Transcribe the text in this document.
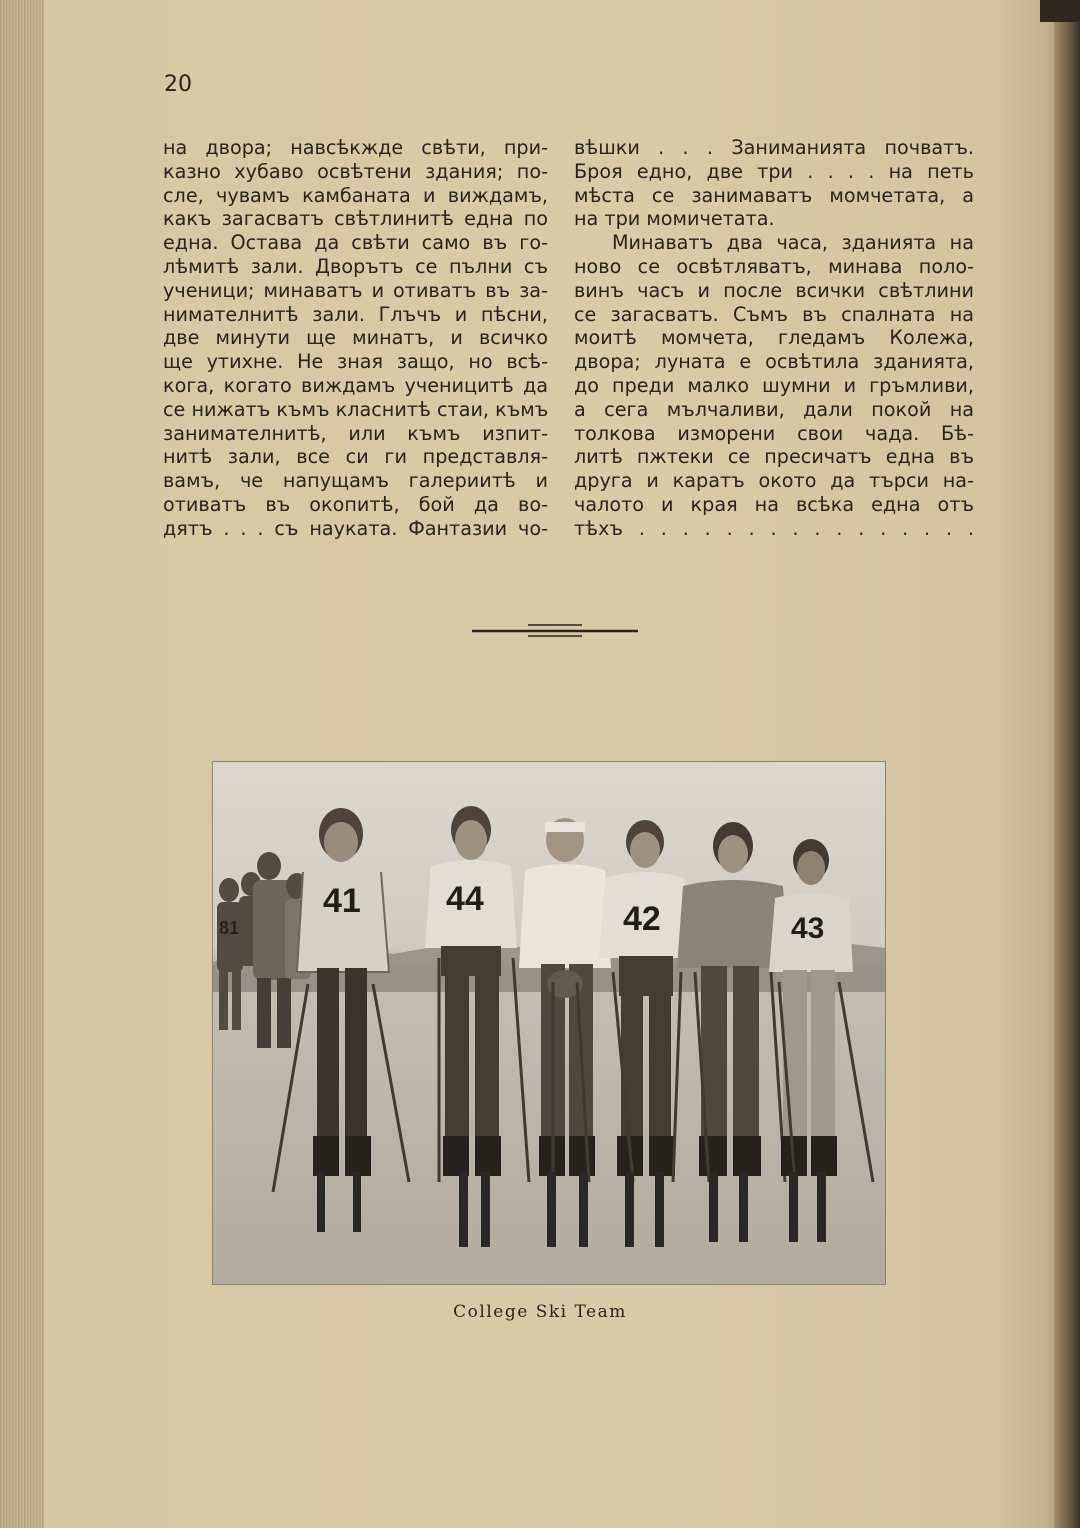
20
на двора; навсѣкжде свѣти, при-
казно хубаво освѣтени здания; по-
сле, чувамъ камбаната и виждамъ,
какъ загасватъ свѣтлинитѣ една по
една. Остава да свѣти само въ го-
лѣмитѣ зали. Дворътъ се пълни съ
ученици; минаватъ и отиватъ въ за-
нимателнитѣ зали. Глъчъ и пѣсни,
две минути ще минатъ, и всичко
ще утихне. Не зная защо, но всѣ-
кога, когато виждамъ ученицитѣ да
се нижатъ къмъ класнитѣ стаи, къмъ
занимателнитѣ, или къмъ изпит-
нитѣ зали, все си ги представля-
вамъ, че напущамъ галериитѣ и
отиватъ въ окопитѣ, бой да во-
дятъ . . . съ науката. Фантазии чо-
вѣшки . . . Заниманията почватъ.
Броя едно, две три . . . . на петь
мѣста се занимаватъ момчетата, а
на три момичетата.
Минаватъ два часа, зданията на
ново се освѣтляватъ, минава поло-
винъ часъ и после всички свѣтлини
се загасватъ. Съмъ въ спалната на
моитѣ момчета, гледамъ Колежа,
двора; луната е освѣтила зданията,
до преди малко шумни и гръмливи,
а сега мълчаливи, дали покой на
толкова изморени свои чада. Бѣ-
литѣ пжтеки се пресичатъ една въ
друга и каратъ окото да търси на-
чалото и края на всѣка една отъ
тѣхъ . . . . . . . . . . . . . . . .
81
41	44
42	43
College Ski Team
